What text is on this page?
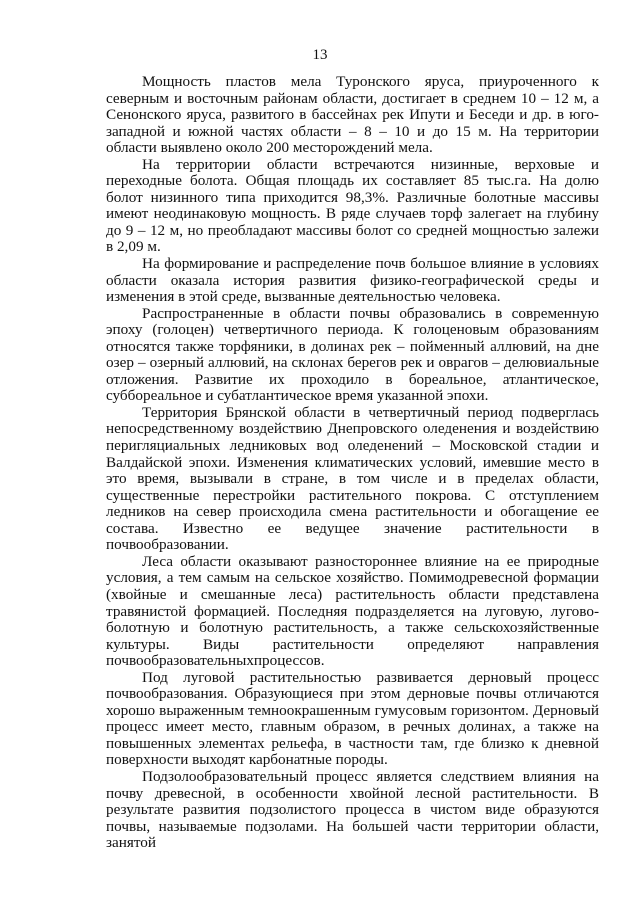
13

Мощность пластов мела Туронского яруса, приуроченного к северным и восточным районам области, достигает в среднем 10 – 12 м, а Сенонского яруса, развитого в бассейнах рек Ипути и Беседи и др. в юго-западной и южной частях области – 8 – 10 и до 15 м. На территории области выявлено около 200 месторождений мела.

На территории области встречаются низинные, верховые и переходные болота. Общая площадь их составляет 85 тыс.га. На долю болот низинного типа приходится 98,3%. Различные болотные массивы имеют неодинаковую мощность. В ряде случаев торф залегает на глубину до 9 – 12 м, но преобладают массивы болот со средней мощностью залежи в 2,09 м.

На формирование и распределение почв большое влияние в условиях области оказала история развития физико-географической среды и изменения в этой среде, вызванные деятельностью человека.

Распространенные в области почвы образовались в современную эпоху (голоцен) четвертичного периода. К голоценовым образованиям относятся также торфяники, в долинах рек – пойменный аллювий, на дне озер – озерный аллювий, на склонах берегов рек и оврагов – делювиальные отложения. Развитие их проходило в бореальное, атлантическое, суббореальное и субатлантическое время указанной эпохи.

Территория Брянской области в четвертичный период подверглась непосредственному воздействию Днепровского оледенения и воздействию перигляциальных ледниковых вод оледенений – Московской стадии и Валдайской эпохи. Изменения климатических условий, имевшие место в это время, вызывали в стране, в том числе и в пределах области, существенные перестройки растительного покрова. С отступлением ледников на север происходила смена растительности и обогащение ее состава. Известно ее ведущее значение растительности в почвообразовании.

Леса области оказывают разностороннее влияние на ее природные условия, а тем самым на сельское хозяйство. Помимодревесной формации (хвойные и смешанные леса) растительность области представлена травянистой формацией. Последняя подразделяется на луговую, лугово-болотную и болотную растительность, а также сельскохозяйственные культуры. Виды растительности определяют направления почвообразовательныхпроцессов.

Под луговой растительностью развивается дерновый процесс почвообразования. Образующиеся при этом дерновые почвы отличаются хорошо выраженным темноокрашенным гумусовым горизонтом. Дерновый процесс имеет место, главным образом, в речных долинах, а также на повышенных элементах рельефа, в частности там, где близко к дневной поверхности выходят карбонатные породы.

Подзолообразовательный процесс является следствием влияния на почву древесной, в особенности хвойной лесной растительности. В результате развития подзолистого процесса в чистом виде образуются почвы, называемые подзолами. На большей части территории области, занятой
